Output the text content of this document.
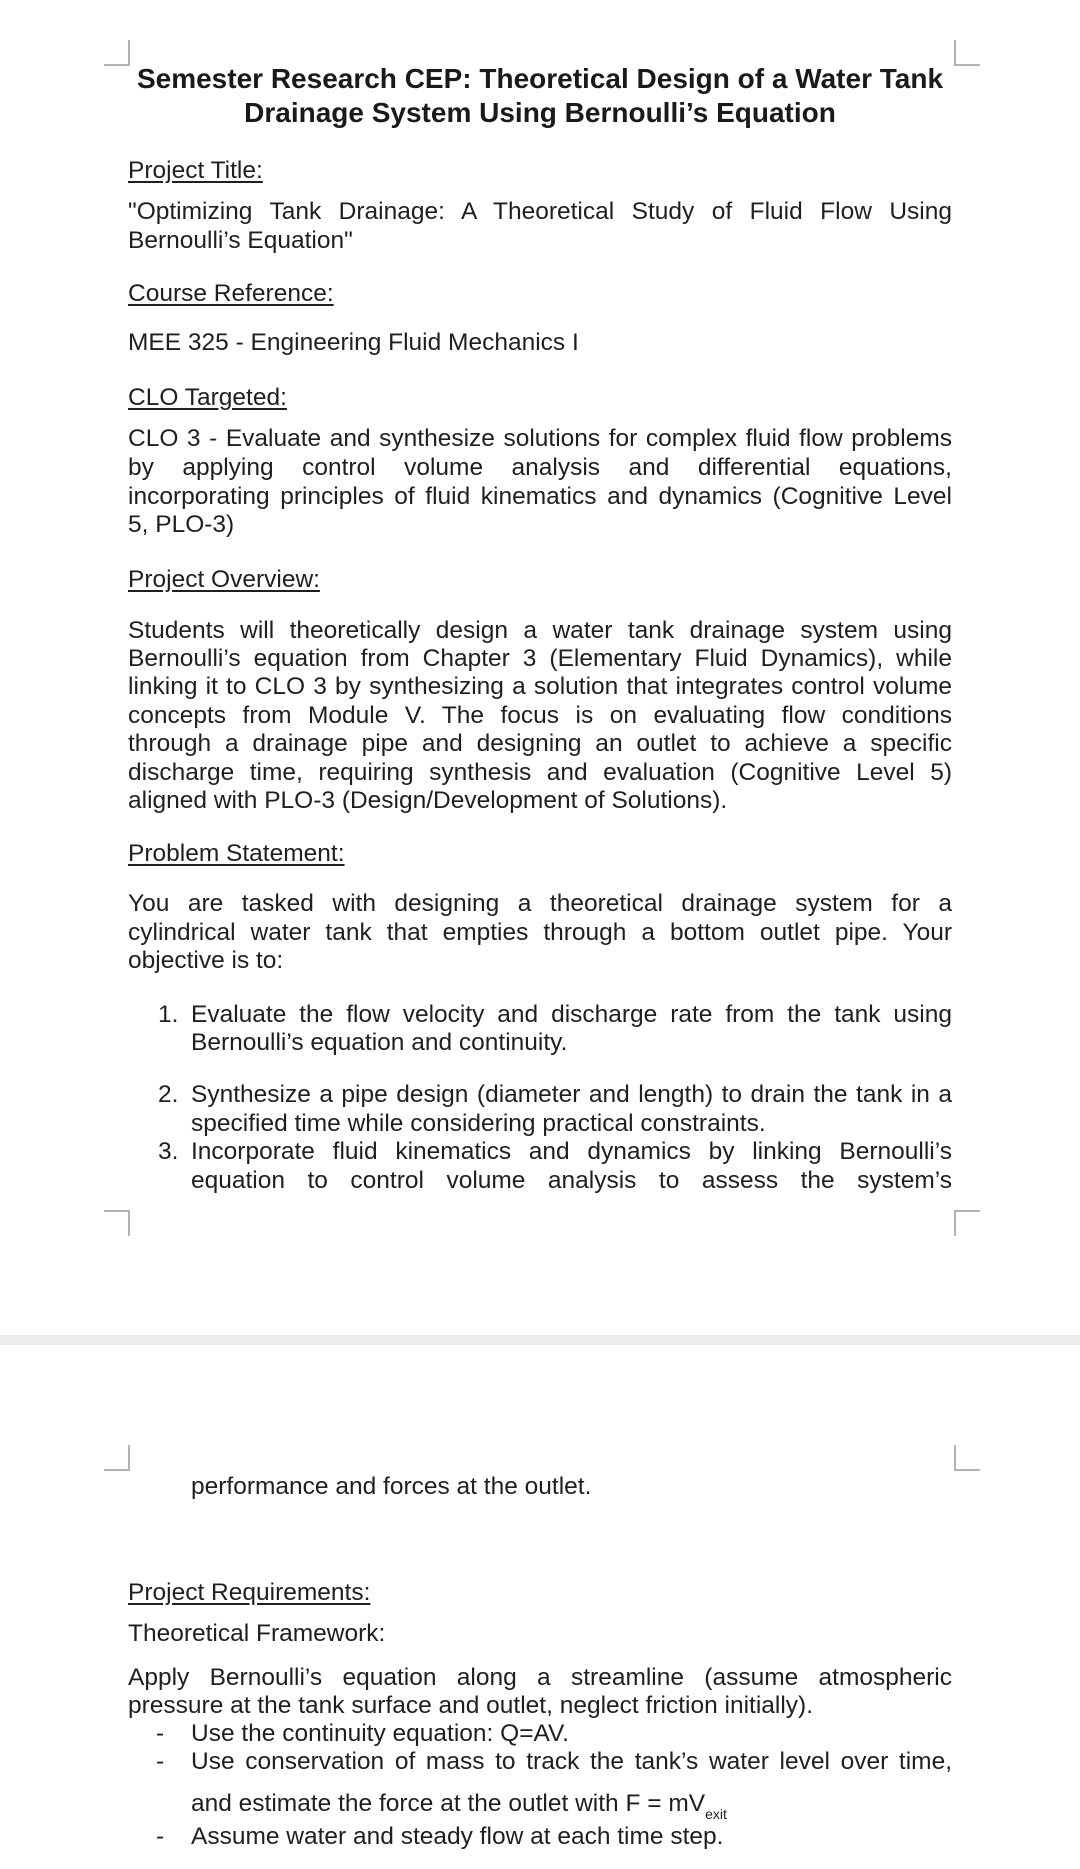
Semester Research CEP: Theoretical Design of a Water Tank
Drainage System Using Bernoulli’s Equation
Project Title:
"Optimizing Tank Drainage: A Theoretical Study of Fluid Flow Using
Bernoulli’s Equation"
Course Reference:
MEE 325 - Engineering Fluid Mechanics I
CLO Targeted:
CLO 3 - Evaluate and synthesize solutions for complex fluid flow problems
by applying control volume analysis and differential equations,
incorporating principles of fluid kinematics and dynamics (Cognitive Level
5, PLO-3)
Project Overview:
Students will theoretically design a water tank drainage system using
Bernoulli’s equation from Chapter 3 (Elementary Fluid Dynamics), while
linking it to CLO 3 by synthesizing a solution that integrates control volume
concepts from Module V. The focus is on evaluating flow conditions
through a drainage pipe and designing an outlet to achieve a specific
discharge time, requiring synthesis and evaluation (Cognitive Level 5)
aligned with PLO-3 (Design/Development of Solutions).
Problem Statement:
You are tasked with designing a theoretical drainage system for a
cylindrical water tank that empties through a bottom outlet pipe. Your
objective is to:
1. Evaluate the flow velocity and discharge rate from the tank using
Bernoulli’s equation and continuity.
2. Synthesize a pipe design (diameter and length) to drain the tank in a
specified time while considering practical constraints.
3. Incorporate fluid kinematics and dynamics by linking Bernoulli’s
equation to control volume analysis to assess the system’s
performance and forces at the outlet.
Project Requirements:
Theoretical Framework:
Apply Bernoulli’s equation along a streamline (assume atmospheric
pressure at the tank surface and outlet, neglect friction initially).
- Use the continuity equation: Q=AV.
- Use conservation of mass to track the tank’s water level over time,
and estimate the force at the outlet with $F = mV_{exit}$
- Assume water and steady flow at each time step.
